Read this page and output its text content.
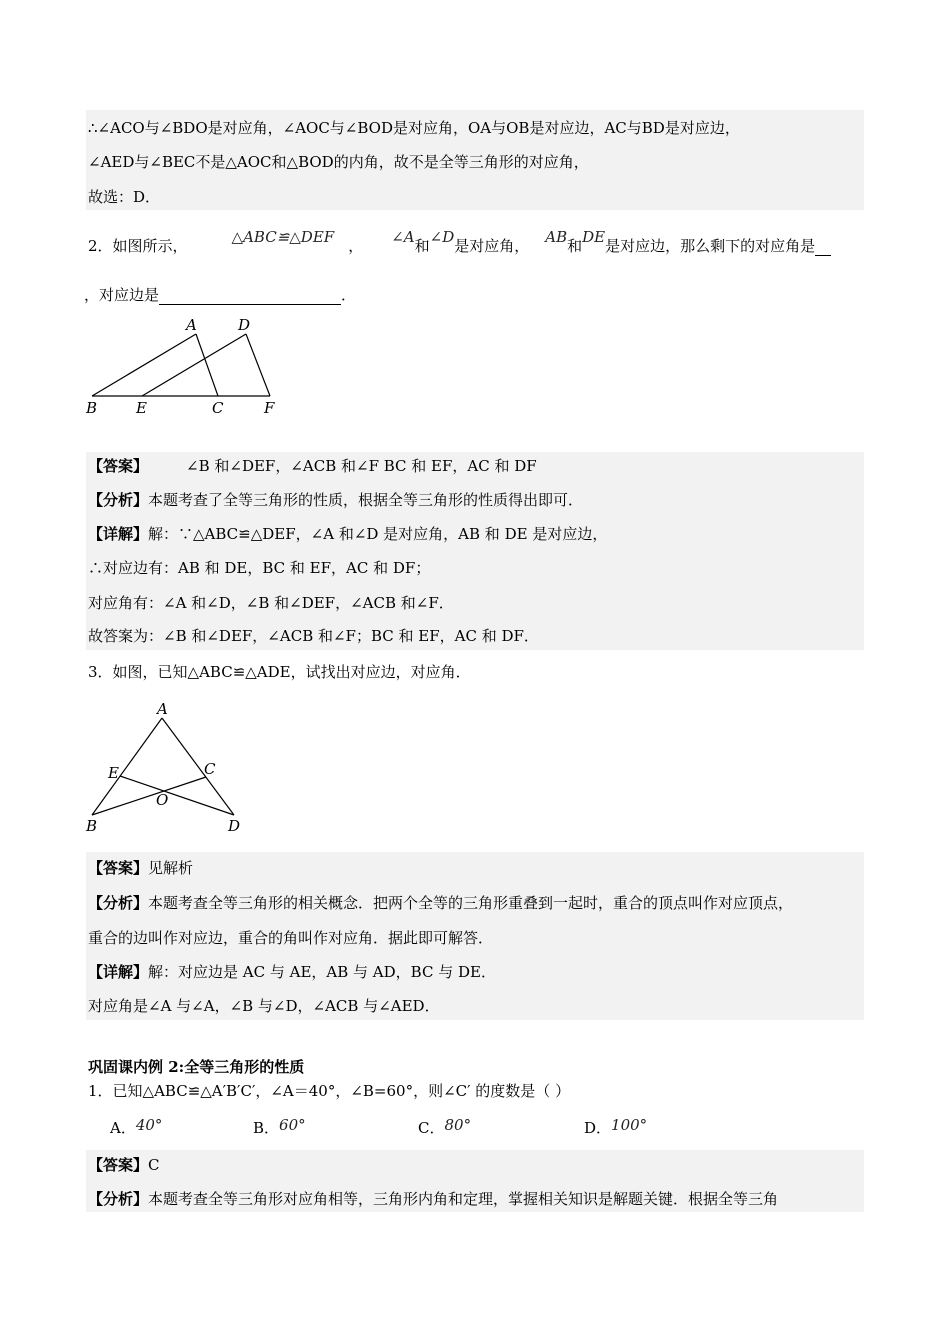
∴∠ACO与∠BDO是对应角，∠AOC与∠BOD是对应角，OA与OB是对应边，AC与BD是对应边，
∠AED与∠BEC不是△AOC和△BOD的内角，故不是全等三角形的对应角，
故选：D．
2．如图所示，	△ABC≌△DEF ， ∠A和∠D是对应角， AB和DE是对应边，那么剩下的对应角是
，对应边是	．
A	D
B	E	C	F
【答案】	∠B 和∠DEF，∠ACB 和∠F BC 和 EF，AC 和 DF
【分析】本题考查了全等三角形的性质，根据全等三角形的性质得出即可．
【详解】解：∵△ABC≌△DEF，∠A 和∠D 是对应角，AB 和 DE 是对应边，
∴对应边有：AB 和 DE，BC 和 EF，AC 和 DF；
对应角有：∠A 和∠D，∠B 和∠DEF，∠ACB 和∠F．
故答案为：∠B 和∠DEF，∠ACB 和∠F；BC 和 EF，AC 和 DF．
3．如图，已知△ABC≌△ADE，试找出对应边，对应角．
A
E	C
O
B	D
【答案】见解析
【分析】本题考查全等三角形的相关概念．把两个全等的三角形重叠到一起时，重合的顶点叫作对应顶点，
重合的边叫作对应边，重合的角叫作对应角．据此即可解答．
【详解】解：对应边是 AC 与 AE，AB 与 AD，BC 与 DE．
对应角是∠A 与∠A，∠B 与∠D，∠ACB 与∠AED．
巩固课内例 2:全等三角形的性质
1．已知△ABC≌△A′B′C′，∠A＝40°，∠B=60°，则∠C′ 的度数是（ ）
A．40°	B．60°	C．80°	D．100°
【答案】C
【分析】本题考查全等三角形对应角相等，三角形内角和定理，掌握相关知识是解题关键．根据全等三角
